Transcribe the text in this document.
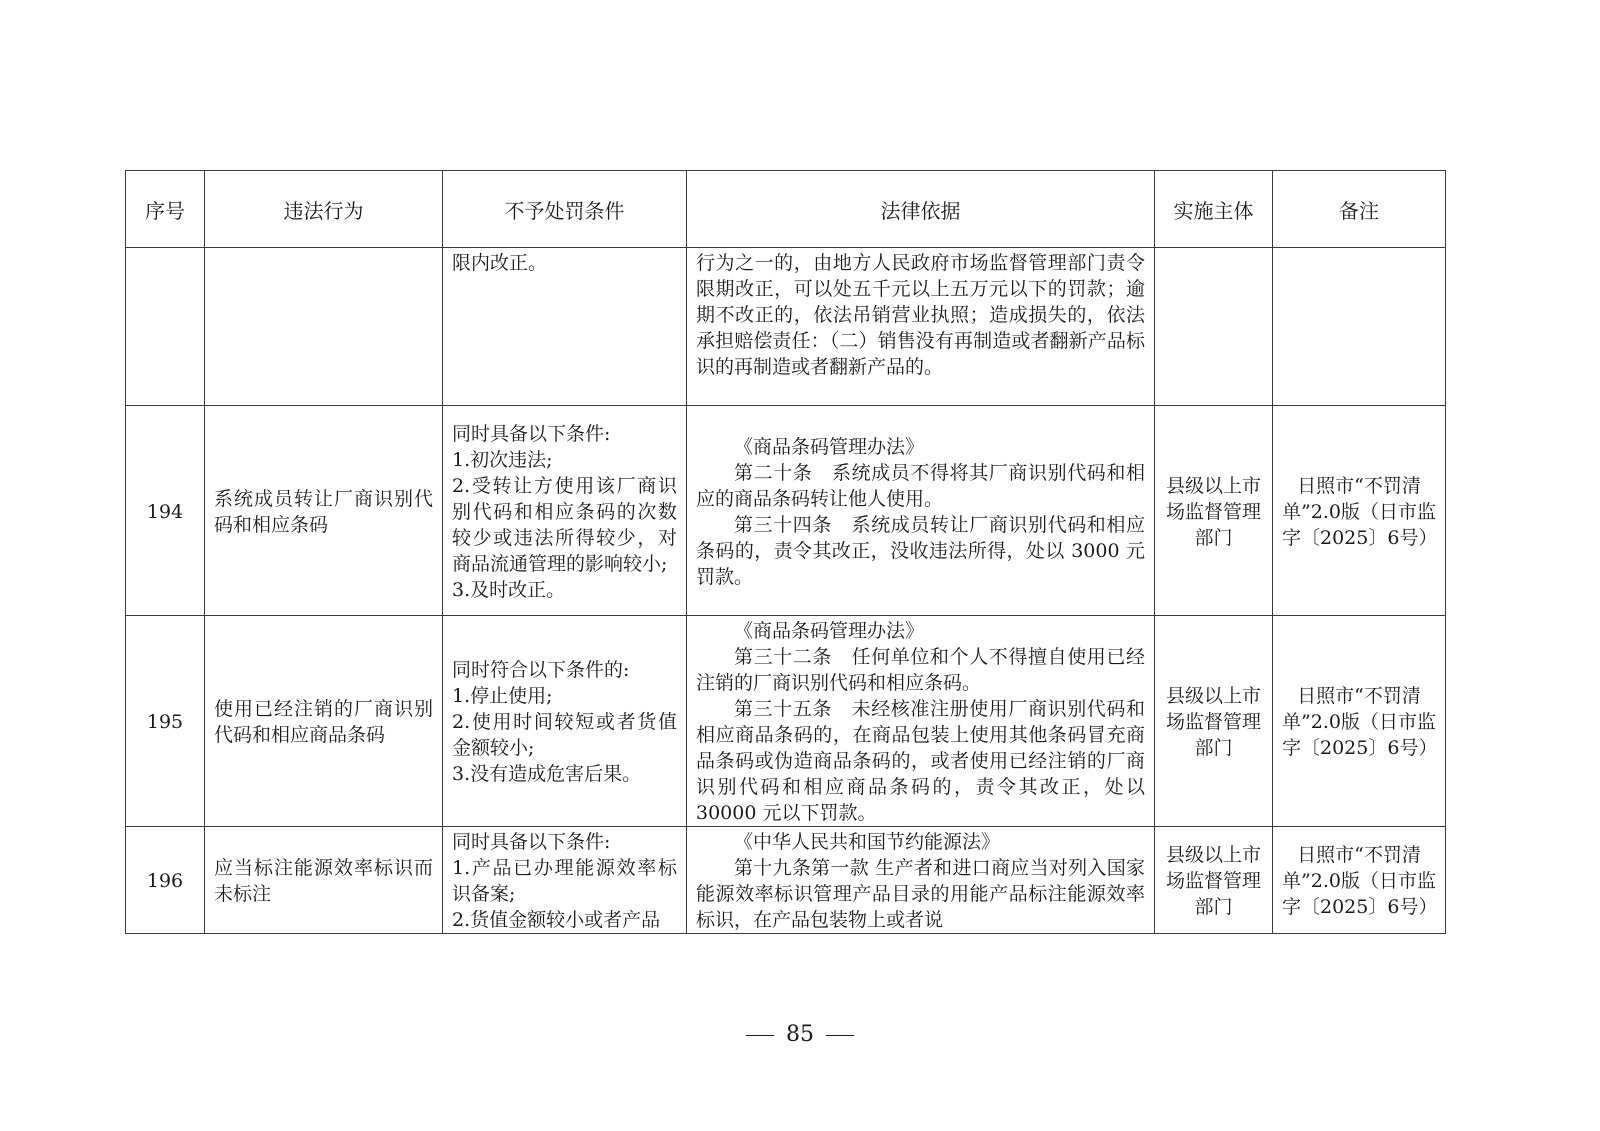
序号	违法行为	不予处罚条件	法律依据	实施主体	备注

		限内改正。	行为之一的，由地方人民政府市场监督管理部门责令限期改正，可以处五千元以上五万元以下的罚款；逾期不改正的，依法吊销营业执照；造成损失的，依法承担赔偿责任：（二）销售没有再制造或者翻新产品标识的再制造或者翻新产品的。		

194	系统成员转让厂商识别代码和相应条码	同时具备以下条件:
1.初次违法;
2.受转让方使用该厂商识别代码和相应条码的次数较少或违法所得较少，对商品流通管理的影响较小;
3.及时改正。	《商品条码管理办法》
第二十条　系统成员不得将其厂商识别代码和相应的商品条码转让他人使用。
第三十四条　系统成员转让厂商识别代码和相应条码的，责令其改正，没收违法所得，处以 3000 元罚款。	县级以上市场监督管理部门	日照市“不罚清单”2.0版（日市监字〔2025〕6号）

195	使用已经注销的厂商识别代码和相应商品条码	同时符合以下条件的:
1.停止使用;
2.使用时间较短或者货值金额较小;
3.没有造成危害后果。	《商品条码管理办法》
第三十二条　任何单位和个人不得擅自使用已经注销的厂商识别代码和相应条码。
第三十五条　未经核准注册使用厂商识别代码和相应商品条码的，在商品包装上使用其他条码冒充商品条码或伪造商品条码的，或者使用已经注销的厂商识别代码和相应商品条码的，责令其改正，处以 30000 元以下罚款。	县级以上市场监督管理部门	日照市“不罚清单”2.0版（日市监字〔2025〕6号）

196	应当标注能源效率标识而未标注	同时具备以下条件:
1.产品已办理能源效率标识备案;
2.货值金额较小或者产品	《中华人民共和国节约能源法》
第十九条第一款 生产者和进口商应当对列入国家能源效率标识管理产品目录的用能产品标注能源效率标识，在产品包装物上或者说	县级以上市场监督管理部门	日照市“不罚清单”2.0版（日市监字〔2025〕6号）
85
